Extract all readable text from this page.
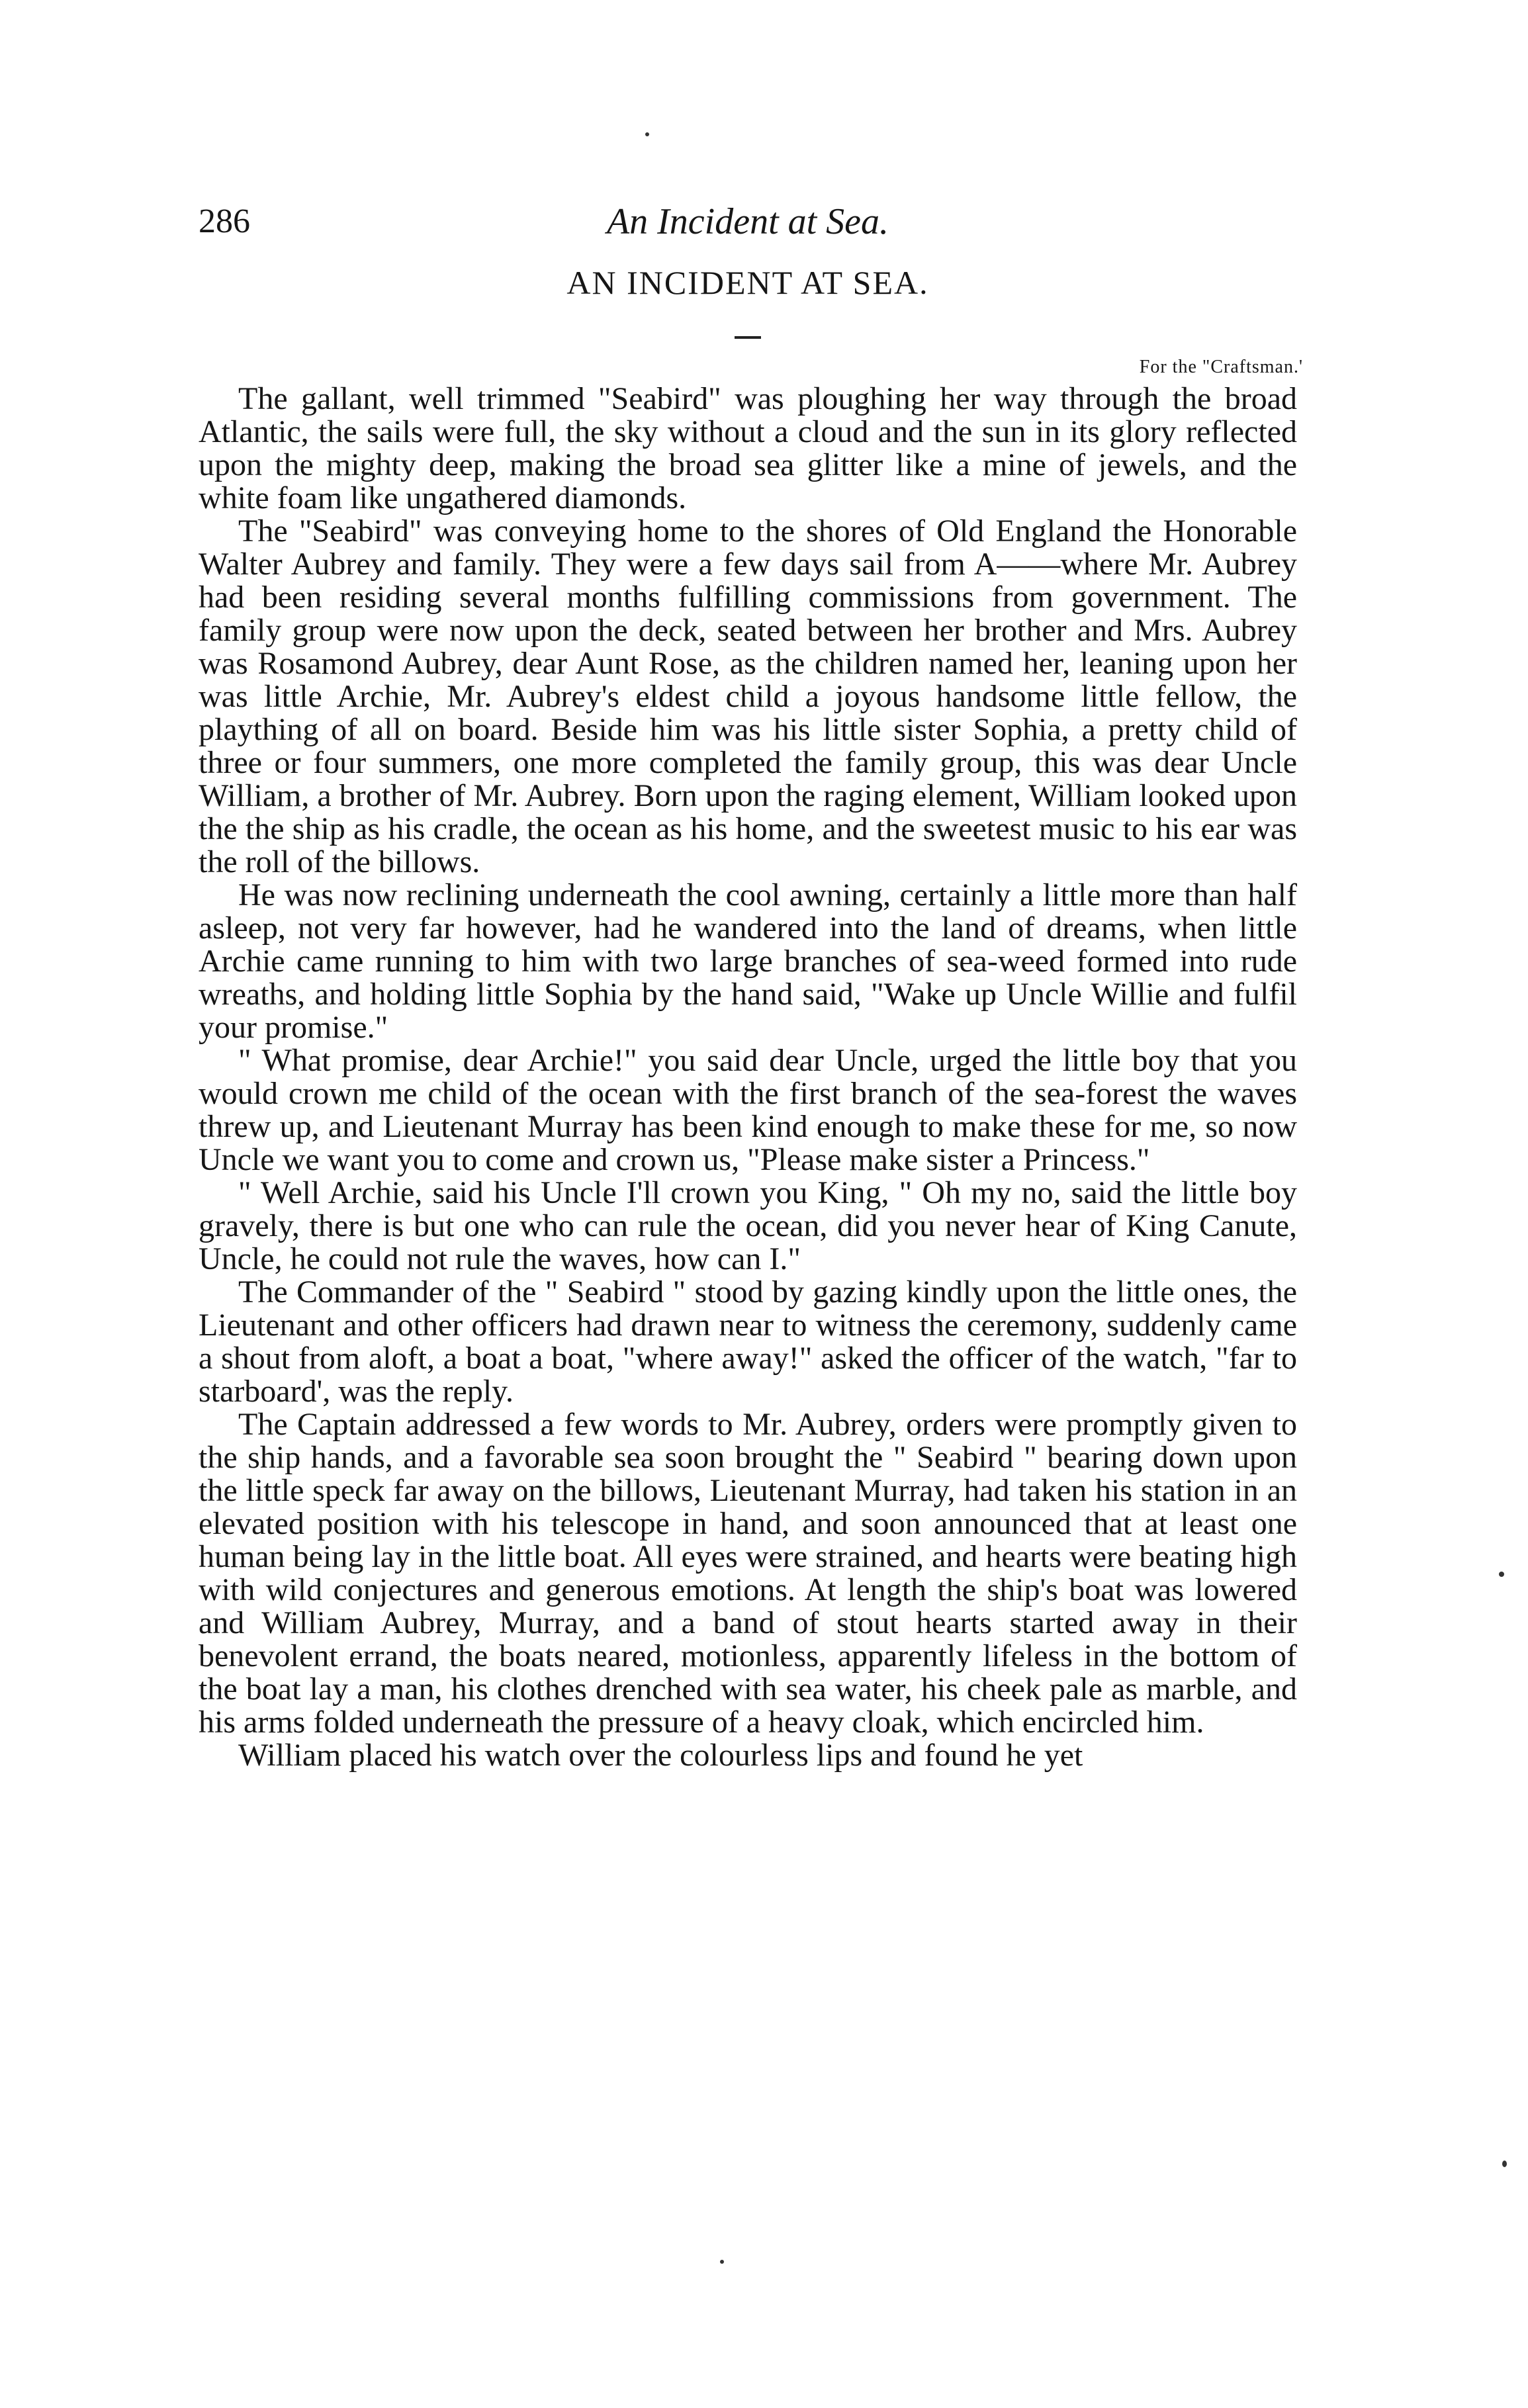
286	An Incident at Sea.
AN INCIDENT AT SEA.
For the "Craftsman.'

The gallant, well trimmed "Seabird" was ploughing her way through the broad Atlantic, the sails were full, the sky without a cloud and the sun in its glory reflected upon the mighty deep, making the broad sea glitter like a mine of jewels, and the white foam like ungathered diamonds.

The "Seabird" was conveying home to the shores of Old England the Honorable Walter Aubrey and family. They were a few days sail from A——where Mr. Aubrey had been residing several months fulfilling commissions from government. The family group were now upon the deck, seated between her brother and Mrs. Aubrey was Rosamond Aubrey, dear Aunt Rose, as the children named her, leaning upon her was little Archie, Mr. Aubrey's eldest child a joyous handsome little fellow, the plaything of all on board. Beside him was his little sister Sophia, a pretty child of three or four summers, one more completed the family group, this was dear Uncle William, a brother of Mr. Aubrey. Born upon the raging element, William looked upon the the ship as his cradle, the ocean as his home, and the sweetest music to his ear was the roll of the billows.

He was now reclining underneath the cool awning, certainly a little more than half asleep, not very far however, had he wandered into the land of dreams, when little Archie came running to him with two large branches of sea-weed formed into rude wreaths, and holding little Sophia by the hand said, "Wake up Uncle Willie and fulfil your promise."

" What promise, dear Archie!" you said dear Uncle, urged the little boy that you would crown me child of the ocean with the first branch of the sea-forest the waves threw up, and Lieutenant Murray has been kind enough to make these for me, so now Uncle we want you to come and crown us, "Please make sister a Princess."

" Well Archie, said his Uncle I'll crown you King, " Oh my no, said the little boy gravely, there is but one who can rule the ocean, did you never hear of King Canute, Uncle, he could not rule the waves, how can I."

The Commander of the " Seabird " stood by gazing kindly upon the little ones, the Lieutenant and other officers had drawn near to witness the ceremony, suddenly came a shout from aloft, a boat a boat, "where away!" asked the officer of the watch, "far to starboard', was the reply.

The Captain addressed a few words to Mr. Aubrey, orders were promptly given to the ship hands, and a favorable sea soon brought the " Seabird " bearing down upon the little speck far away on the billows, Lieutenant Murray, had taken his station in an elevated position with his telescope in hand, and soon announced that at least one human being lay in the little boat. All eyes were strained, and hearts were beating high with wild conjectures and generous emotions. At length the ship's boat was lowered and William Aubrey, Murray, and a band of stout hearts started away in their benevolent errand, the boats neared, motionless, apparently lifeless in the bottom of the boat lay a man, his clothes drenched with sea water, his cheek pale as marble, and his arms folded underneath the pressure of a heavy cloak, which encircled him.

William placed his watch over the colourless lips and found he yet
